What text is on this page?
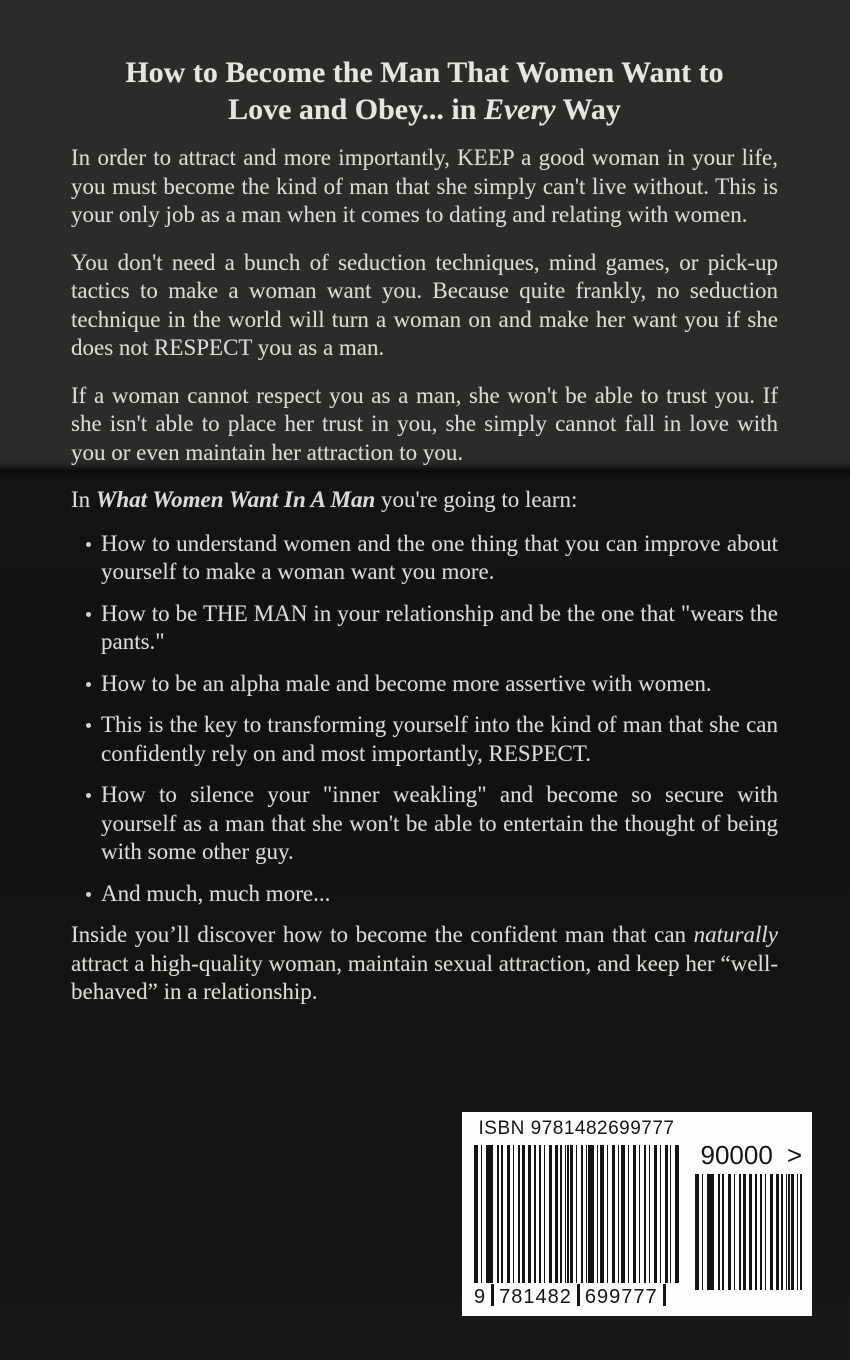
How to Become the Man That Women Want to
Love and Obey... in Every Way

In order to attract and more importantly, KEEP a good woman in your life, you must become the kind of man that she simply can't live without. This is your only job as a man when it comes to dating and relating with women.

You don't need a bunch of seduction techniques, mind games, or pick-up tactics to make a woman want you. Because quite frankly, no seduction technique in the world will turn a woman on and make her want you if she does not RESPECT you as a man.

If a woman cannot respect you as a man, she won't be able to trust you. If she isn't able to place her trust in you, she simply cannot fall in love with you or even maintain her attraction to you.

In What Women Want In A Man you're going to learn:

How to understand women and the one thing that you can improve about yourself to make a woman want you more.
How to be THE MAN in your relationship and be the one that "wears the pants."
How to be an alpha male and become more assertive with women.
This is the key to transforming yourself into the kind of man that she can confidently rely on and most importantly, RESPECT.
How to silence your "inner weakling" and become so secure with yourself as a man that she won't be able to entertain the thought of being with some other guy.
And much, much more...

Inside you’ll discover how to become the confident man that can naturally attract a high-quality woman, maintain sexual attraction, and keep her “well-behaved” in a relationship.

ISBN 9781482699777
9 781482 699777
90000 >
